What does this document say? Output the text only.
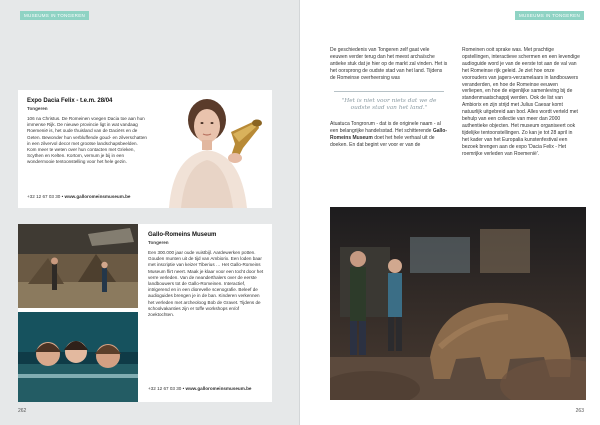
MUSEUMS IN TONGEREN
Expo Dacia Felix - t.e.m. 28/04
Tongeren
106 na Christus. De Romeinen voegen Dacia toe aan hun immense Rijk. De nieuwe provincie ligt in wat vandaag Roemenië is, het oude thuisland van de Daciërs en de Geten. Bewonder hun verbluffende goud- en zilverschatten in een zilvervol decor met grootse landschapsbeelden. Kom meer te weten over hun contacten met Grieken, Scythen en Kelten. Kortom, vernum je bij in een wondermooie tentoonstelling voor het hele gezin.
+32 12 67 03 30 • www.galloromeinsmuseum.be
Gallo-Romeins Museum
Tongeren
Een 300.000 jaar oude vuistbijl. Aardewerken potten. Gouden munten uit de tijd van Ambiorix. Een loden baar met inscriptie van keizer Tiberius … Het Gallo-Romeins Museum flirt neert. Maak je klaar voor een tocht door het verre verleden. Van de neanderthalers over de eerste landbouwers tot de Gallo-Romeinen. Interactief, intrigerend en in een diorevelle scenografie. Beleef de audioguides brengen je in de ban. Kinderen verkennen het verleden met archeoloog Bob de Gravet. Tijdens de schoolvakanties zijn er toffe workshops en/of zoektochten.
+32 12 67 03 30 • www.galloromeinsmuseum.be
262
MUSEUMS IN TONGEREN
263

De geschiedenis van Tongeren zelf gaat vele eeuwen verder terug dan het meest archaïsche antieke stuk dat je hier op de markt zal vinden. Het is het oorsprong de oudste stad van het land. Tijdens de Romeinse overheersing was

"Het is niet voor niets dat we de oudste stad van het land."

Atuatuca Tongrorum - dat is de originele naam - al een belangrijke handelsstad. Het schitterende Gallo-Romeins Museum doet het hele verhaal uit de doeken. En dat begint ver voor er van de

Romeinen ooit sprake was. Met prachtige opstellingen, interactieve schermen en een levendige audioguide word je van de eerste tot aan de val van het Romeinse rijk geleid. Je ziet hoe onze voorouders van jagers-verzamelaars in landbouwers veranderden, en hoe de Romeinse eeuwen verliepen, en hoe de eigenlijke samenleving bij de standenmaatschappij werden. Ook de list van Ambiorix en zijn strijd met Julius Caesar komt natuurlijk uitgebreid aan bod. Alles wordt verteld met behulp van een collectie van meer dan 2000 authentieke objecten. Het museum organiseert ook tijdelijke tentoonstellingen. Zo kan je tot 28 april in het kader van het Europalia kunstenfestival een bezoek brengen aan de expo 'Dacia Felix - Het roemrijke verleden van Roemenië'.
